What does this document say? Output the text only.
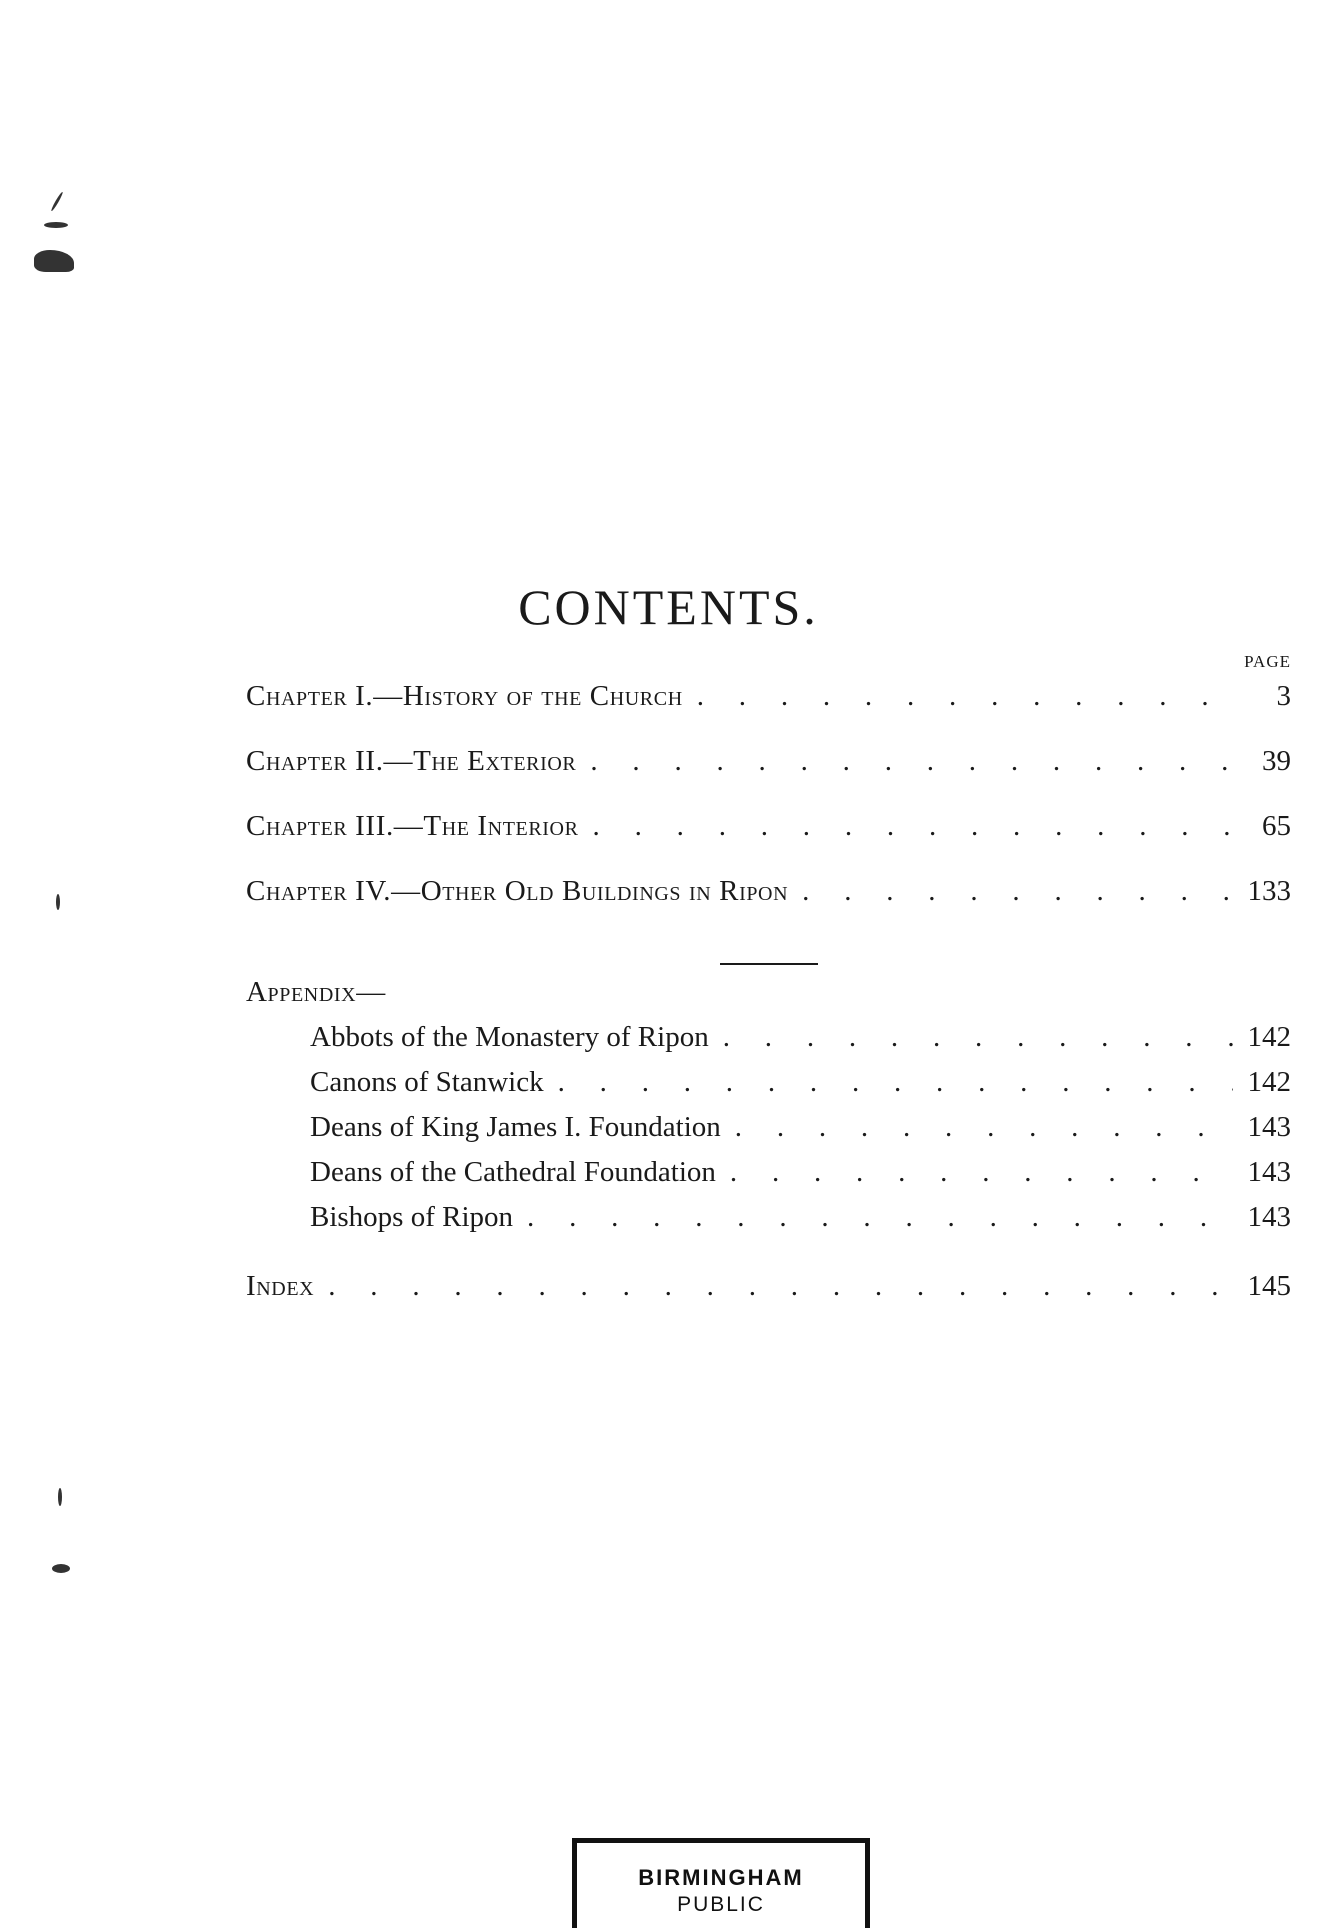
CONTENTS.
PAGE
Chapter I.—History of the Church . . .	3
Chapter II.—The Exterior . . .	39
Chapter III.—The Interior . . .	65
Chapter IV.—Other Old Buildings in Ripon . . .	133
Appendix—
Abbots of the Monastery of Ripon . . .	142
Canons of Stanwick . . .	142
Deans of King James I. Foundation . . .	143
Deans of the Cathedral Foundation . . .	143
Bishops of Ripon . . .	143
Index . . .	145
BIRMINGHAM
PUBLIC
